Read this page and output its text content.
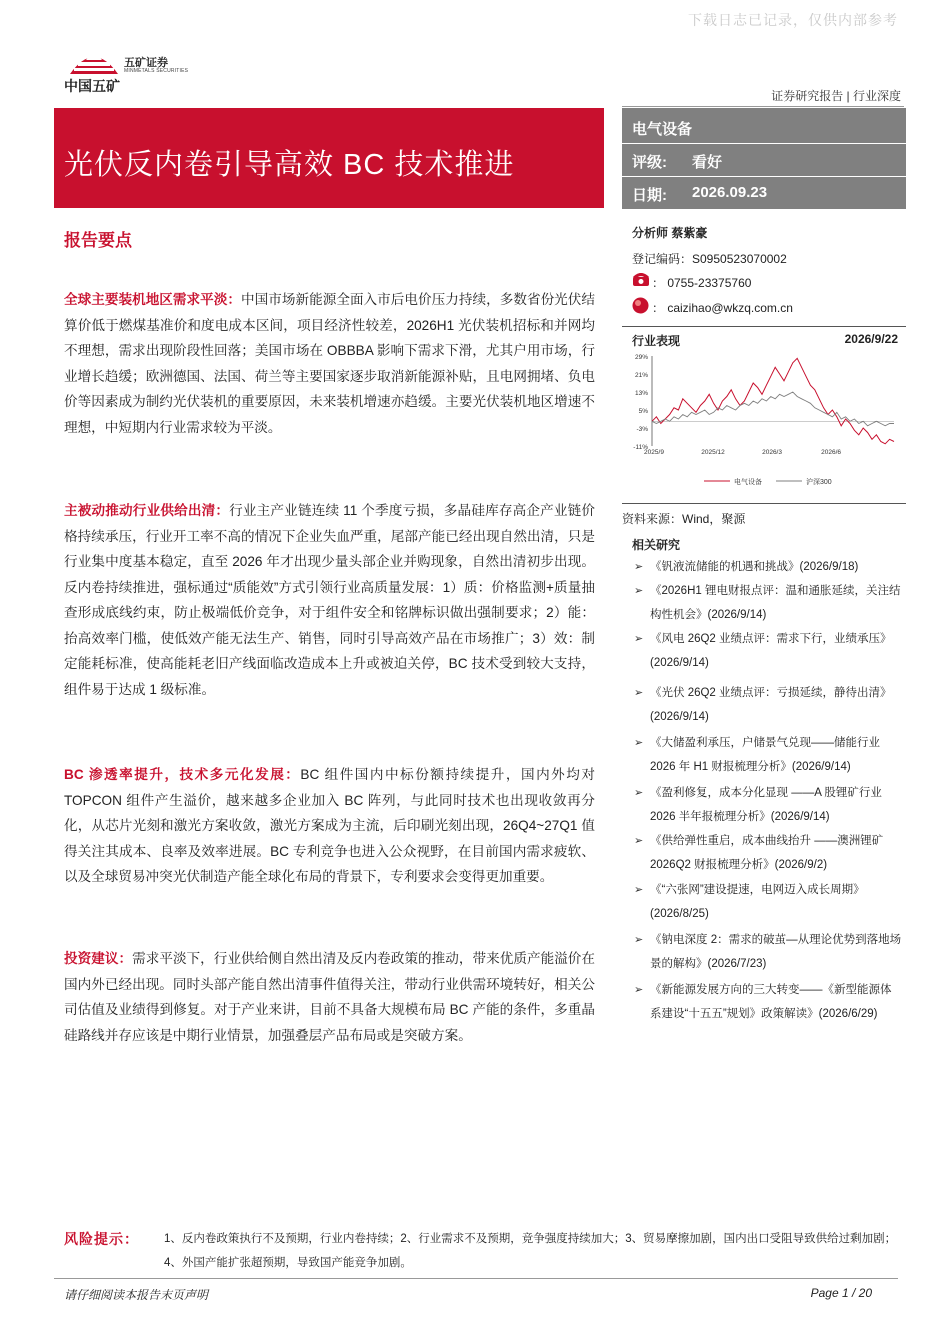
下载日志已记录，仅供内部参考
中国五矿
五矿证券
MINMETALS SECURITIES
证券研究报告 | 行业深度
光伏反内卷引导高效 BC 技术推进
电气设备
评级: 看好
日期: 2026.09.23
报告要点
全球主要装机地区需求平淡：中国市场新能源全面入市后电价压力持续，多数省份光伏结算价低于燃煤基准价和度电成本区间，项目经济性较差，2026H1 光伏装机招标和并网均不理想，需求出现阶段性回落；美国市场在 OBBBA 影响下需求下滑，尤其户用市场，行业增长趋缓；欧洲德国、法国、荷兰等主要国家逐步取消新能源补贴，且电网拥堵、负电价等因素成为制约光伏装机的重要原因，未来装机增速亦趋缓。主要光伏装机地区增速不理想，中短期内行业需求较为平淡。
主被动推动行业供给出清：行业主产业链连续 11 个季度亏损，多晶硅库存高企产业链价格持续承压，行业开工率不高的情况下企业失血严重，尾部产能已经出现自然出清，只是行业集中度基本稳定，直至 2026 年才出现少量头部企业并购现象，自然出清初步出现。反内卷持续推进，强标通过“质能效”方式引领行业高质量发展：1）质：价格监测+质量抽查形成底线约束，防止极端低价竞争，对于组件安全和铭牌标识做出强制要求；2）能：抬高效率门槛，使低效产能无法生产、销售，同时引导高效产品在市场推广；3）效：制定能耗标准，使高能耗老旧产线面临改造成本上升或被迫关停，BC 技术受到较大支持，组件易于达成 1 级标准。
BC 渗透率提升，技术多元化发展：BC 组件国内中标份额持续提升，国内外均对 TOPCON 组件产生溢价，越来越多企业加入 BC 阵列，与此同时技术也出现收敛再分化，从芯片光刻和激光方案收敛，激光方案成为主流，后印刷光刻出现，26Q4~27Q1 值得关注其成本、良率及效率进展。BC 专利竞争也进入公众视野，在目前国内需求疲软、以及全球贸易冲突光伏制造产能全球化布局的背景下，专利要求会变得更加重要。
投资建议：需求平淡下，行业供给侧自然出清及反内卷政策的推动，带来优质产能溢价在国内外已经出现。同时头部产能自然出清事件值得关注，带动行业供需环境转好，相关公司估值及业绩得到修复。对于产业来讲，目前不具备大规模布局 BC 产能的条件，多重晶硅路线并存应该是中期行业情景，加强叠层产品布局或是突破方案。
分析师 蔡紫豪
登记编码：S0950523070002
： 0755-23375760
： caizihao@wkzq.com.cn
行业表现	2026/9/22
29%
21%
13%
5%
-3%
-11%
2025/9	2025/12	2026/3	2026/6
电气设备	沪深300
资料来源：Wind，聚源
相关研究
➢ 《钒液流储能的机遇和挑战》(2026/9/18)
➢ 《2026H1 锂电财报点评：温和通胀延续，关注结构性机会》(2026/9/14)
➢ 《风电 26Q2 业绩点评：需求下行，业绩承压》(2026/9/14)
➢ 《光伏 26Q2 业绩点评：亏损延续，静待出清》(2026/9/14)
➢ 《大储盈利承压，户储景气兑现——储能行业 2026 年 H1 财报梳理分析》(2026/9/14)
➢ 《盈利修复，成本分化显现 ——A 股锂矿行业 2026 半年报梳理分析》(2026/9/14)
➢ 《供给弹性重启，成本曲线抬升 ——澳洲锂矿 2026Q2 财报梳理分析》(2026/9/2)
➢ 《“六张网”建设提速，电网迈入成长周期》(2026/8/25)
➢ 《钠电深度 2：需求的破茧—从理论优势到落地场景的解构》(2026/7/23)
➢ 《新能源发展方向的三大转变——《新型能源体系建设“十五五”规划》政策解读》(2026/6/29)
风险提示： 1、反内卷政策执行不及预期，行业内卷持续；2、行业需求不及预期，竞争强度持续加大；3、贸易摩擦加剧，国内出口受阻导致供给过剩加剧；4、外国产能扩张超预期，导致国产能竞争加剧。
请仔细阅读本报告末页声明	Page 1 / 20
